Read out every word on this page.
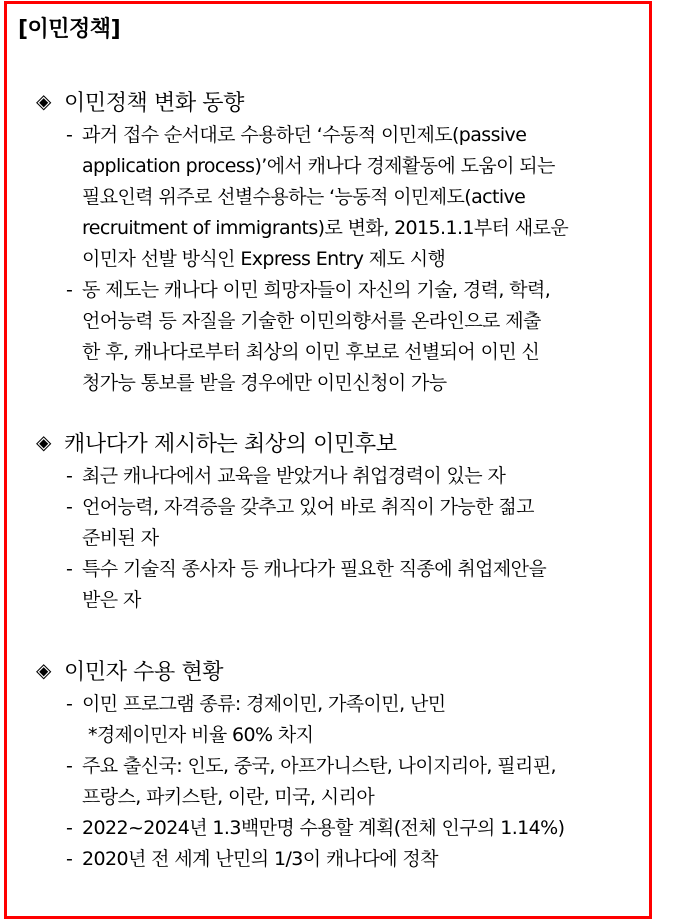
[이민정책]
◈ 이민정책 변화 동향
- 과거 접수 순서대로 수용하던 ‘수동적 이민제도(passive
application process)’에서 캐나다 경제활동에 도움이 되는
필요인력 위주로 선별수용하는 ‘능동적 이민제도(active
recruitment of immigrants)로 변화, 2015.1.1부터 새로운
이민자 선발 방식인 Express Entry 제도 시행
- 동 제도는 캐나다 이민 희망자들이 자신의 기술, 경력, 학력,
언어능력 등 자질을 기술한 이민의향서를 온라인으로 제출
한 후, 캐나다로부터 최상의 이민 후보로 선별되어 이민 신
청가능 통보를 받을 경우에만 이민신청이 가능
◈ 캐나다가 제시하는 최상의 이민후보
- 최근 캐나다에서 교육을 받았거나 취업경력이 있는 자
- 언어능력, 자격증을 갖추고 있어 바로 취직이 가능한 젊고
준비된 자
- 특수 기술직 종사자 등 캐나다가 필요한 직종에 취업제안을
받은 자
◈ 이민자 수용 현황
- 이민 프로그램 종류: 경제이민, 가족이민, 난민
*경제이민자 비율 60% 차지
- 주요 출신국: 인도, 중국, 아프가니스탄, 나이지리아, 필리핀,
프랑스, 파키스탄, 이란, 미국, 시리아
- 2022~2024년 1.3백만명 수용할 계획(전체 인구의 1.14%)
- 2020년 전 세계 난민의 1/3이 캐나다에 정착
